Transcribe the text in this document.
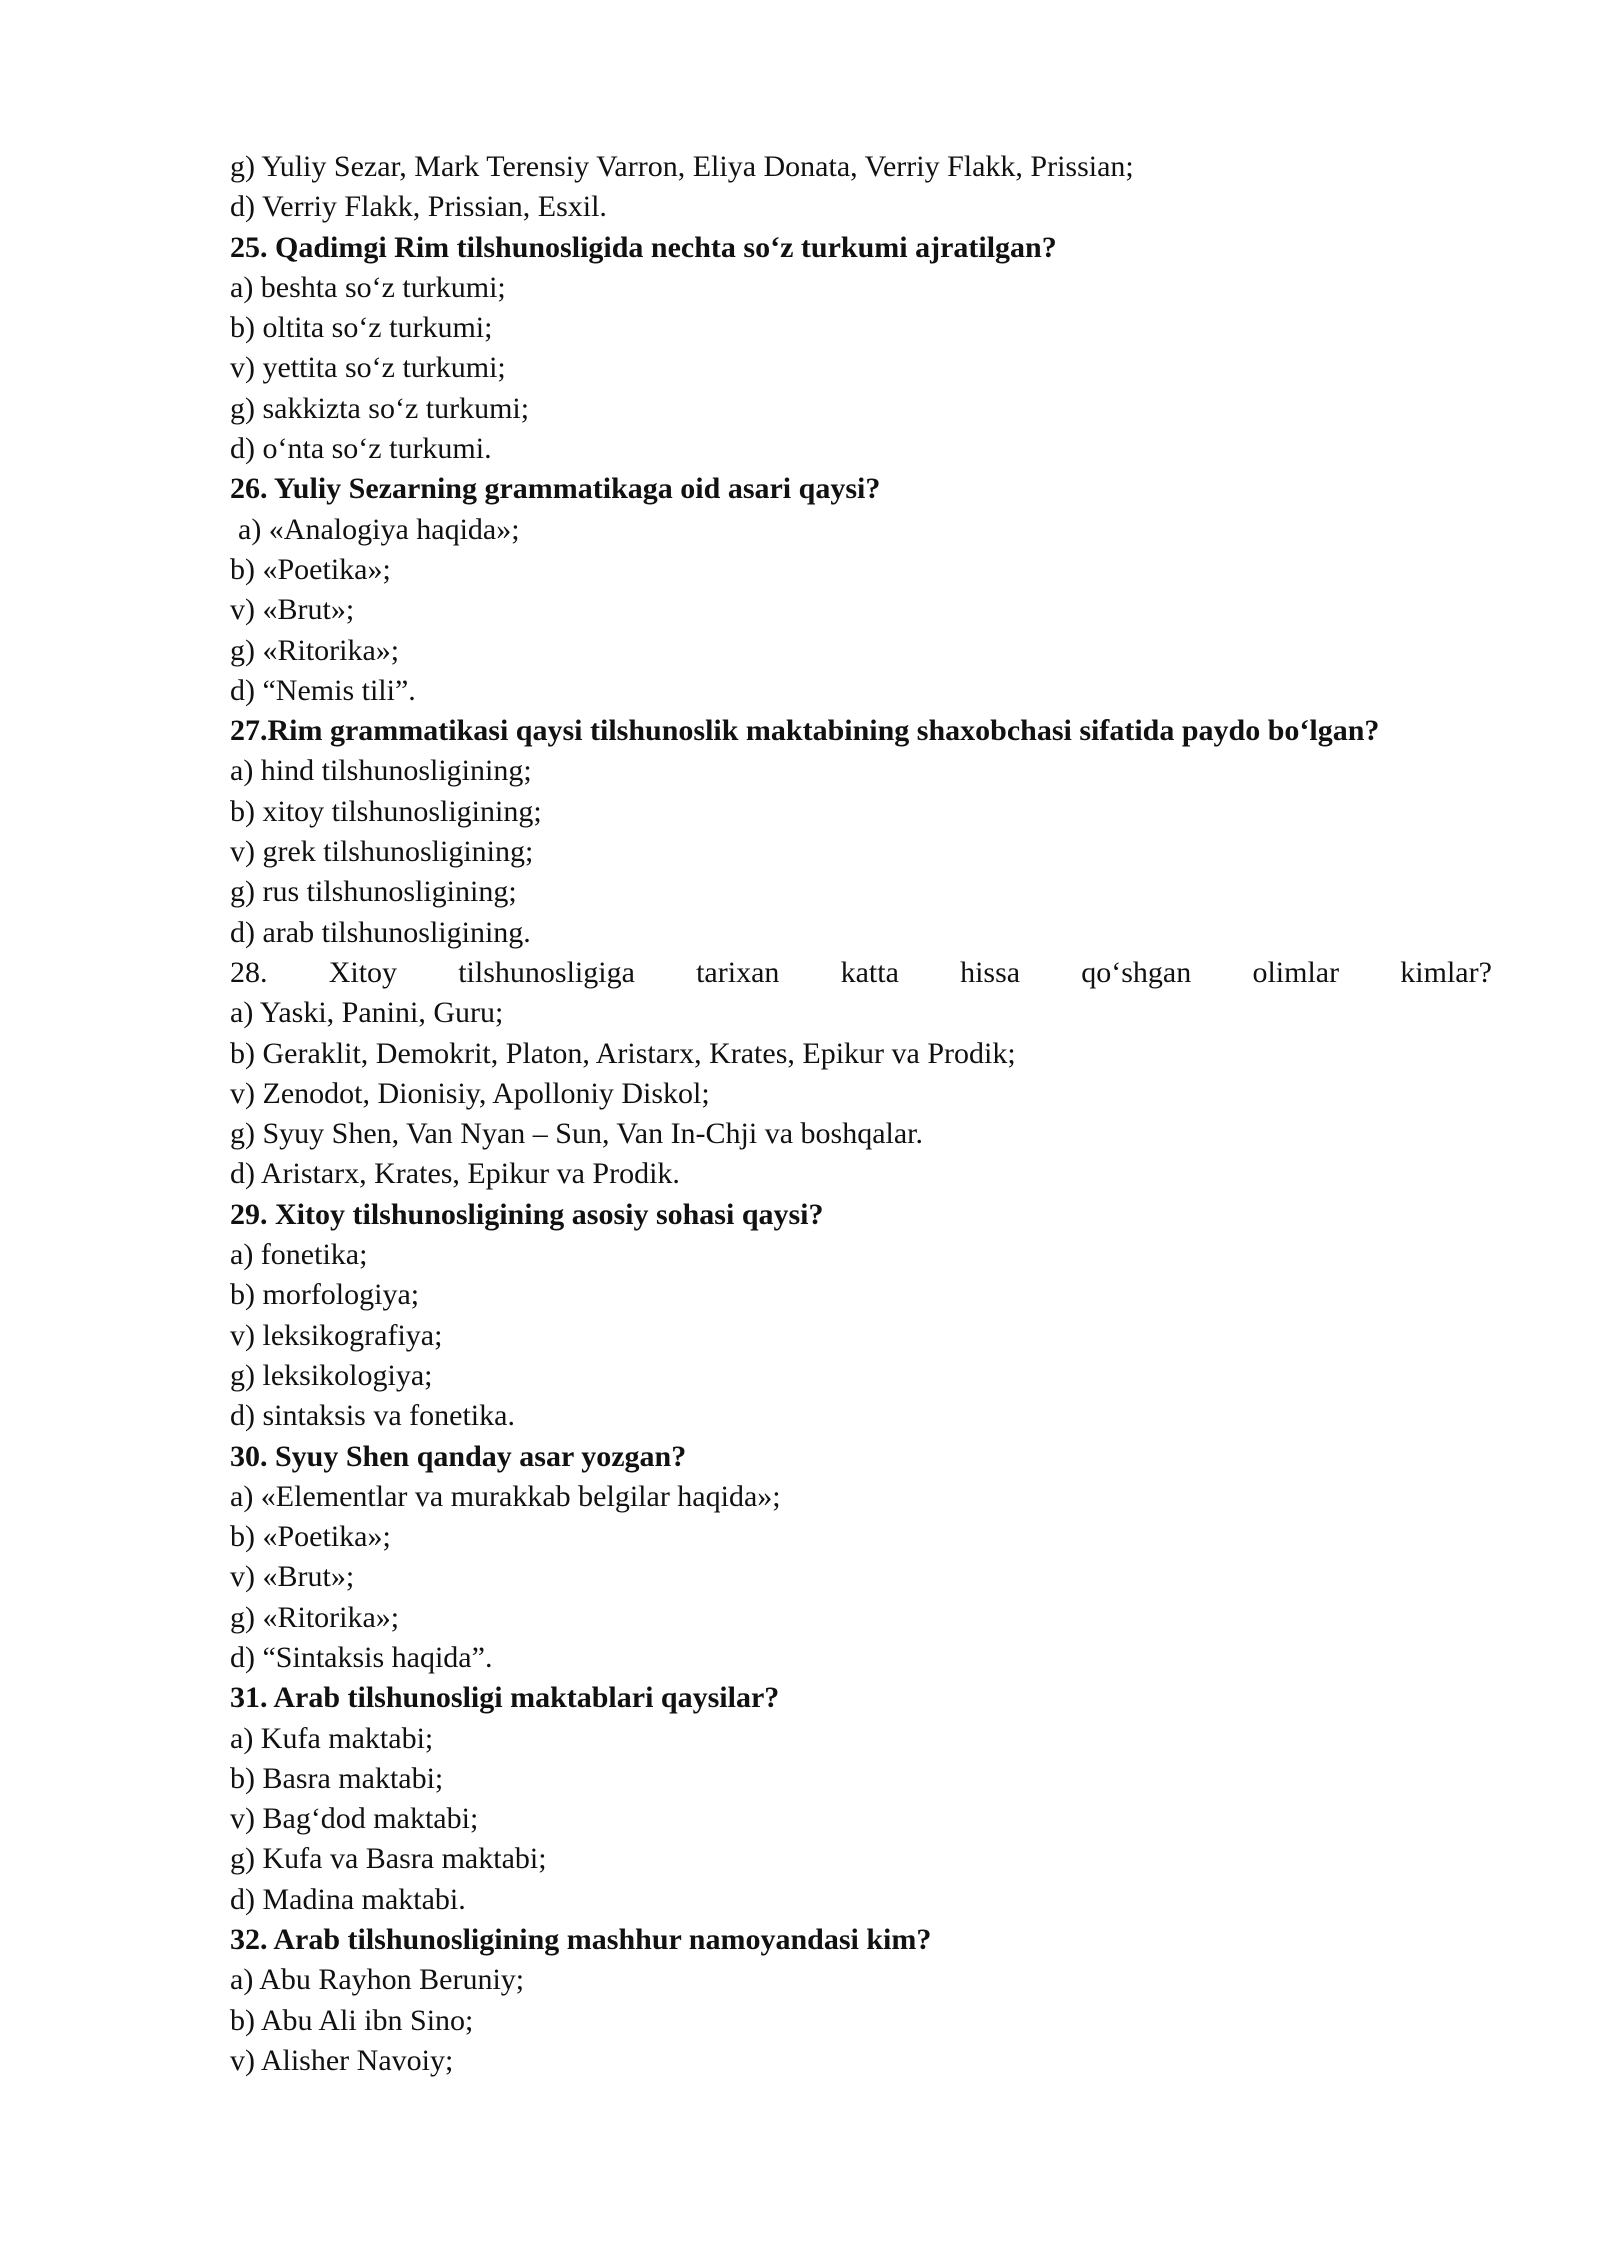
g) Yuliy Sezar, Mark Terensiy Varron, Eliya Donata, Verriy Flakk, Prissian;
d) Verriy Flakk, Prissian, Esxil.
25. Qadimgi Rim tilshunosligida nechta so‘z turkumi ajratilgan?
a) beshta so‘z turkumi;
b) oltita so‘z turkumi;
v) yettita so‘z turkumi;
g) sakkizta so‘z turkumi;
d) o‘nta so‘z turkumi.
26. Yuliy Sezarning grammatikaga oid asari qaysi?
a) «Analogiya haqida»;
b) «Poetika»;
v) «Brut»;
g) «Ritorika»;
d) “Nemis tili”.
27.Rim grammatikasi qaysi tilshunoslik maktabining shaxobchasi sifatida paydo bo‘lgan?
a) hind tilshunosligining;
b) xitoy tilshunosligining;
v) grek tilshunosligining;
g) rus tilshunosligining;
d) arab tilshunosligining.
28. Xitoy tilshunosligiga tarixan katta hissa qo‘shgan olimlar kimlar?
a) Yaski, Panini, Guru;
b) Geraklit, Demokrit, Platon, Aristarx, Krates, Epikur va Prodik;
v) Zenodot, Dionisiy, Apolloniy Diskol;
g) Syuy Shen, Van Nyan – Sun, Van In-Chji va boshqalar.
d) Aristarx, Krates, Epikur va Prodik.
29. Xitoy tilshunosligining asosiy sohasi qaysi?
a) fonetika;
b) morfologiya;
v) leksikografiya;
g) leksikologiya;
d) sintaksis va fonetika.
30. Syuy Shen qanday asar yozgan?
a) «Elementlar va murakkab belgilar haqida»;
b) «Poetika»;
v) «Brut»;
g) «Ritorika»;
d) “Sintaksis haqida”.
31. Arab tilshunosligi maktablari qaysilar?
a) Kufa maktabi;
b) Basra maktabi;
v) Bag‘dod maktabi;
g) Kufa va Basra maktabi;
d) Madina maktabi.
32. Arab tilshunosligining mashhur namoyandasi kim?
a) Abu Rayhon Beruniy;
b) Abu Ali ibn Sino;
v) Alisher Navoiy;
